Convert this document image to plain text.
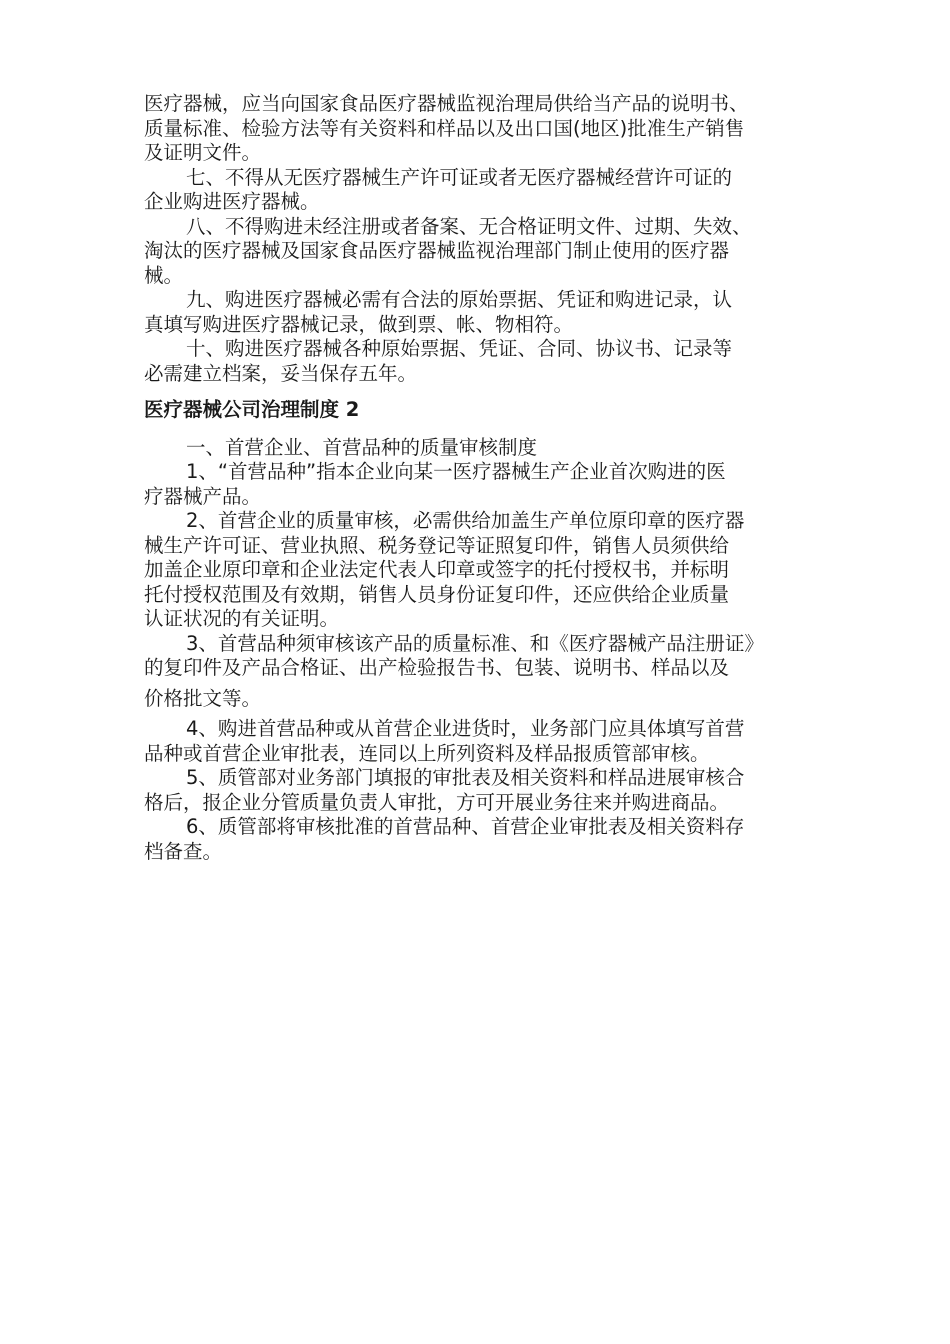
医疗器械，应当向国家食品医疗器械监视治理局供给当产品的说明书、

质量标准、检验方法等有关资料和样品以及出口国(地区)批准生产销售

及证明文件。

七、不得从无医疗器械生产许可证或者无医疗器械经营许可证的

企业购进医疗器械。

八、不得购进未经注册或者备案、无合格证明文件、过期、失效、

淘汰的医疗器械及国家食品医疗器械监视治理部门制止使用的医疗器

械。

九、购进医疗器械必需有合法的原始票据、凭证和购进记录，认

真填写购进医疗器械记录，做到票、帐、物相符。

十、购进医疗器械各种原始票据、凭证、合同、协议书、记录等

必需建立档案，妥当保存五年。

医疗器械公司治理制度 2

一、首营企业、首营品种的质量审核制度

1、“首营品种”指本企业向某一医疗器械生产企业首次购进的医

疗器械产品。

2、首营企业的质量审核，必需供给加盖生产单位原印章的医疗器

械生产许可证、营业执照、税务登记等证照复印件，销售人员须供给

加盖企业原印章和企业法定代表人印章或签字的托付授权书，并标明

托付授权范围及有效期，销售人员身份证复印件，还应供给企业质量

认证状况的有关证明。

3、首营品种须审核该产品的质量标准、和《医疗器械产品注册证》

的复印件及产品合格证、出产检验报告书、包装、说明书、样品以及

价格批文等。

4、购进首营品种或从首营企业进货时，业务部门应具体填写首营

品种或首营企业审批表，连同以上所列资料及样品报质管部审核。

5、质管部对业务部门填报的审批表及相关资料和样品进展审核合

格后，报企业分管质量负责人审批，方可开展业务往来并购进商品。

6、质管部将审核批准的首营品种、首营企业审批表及相关资料存

档备查。
